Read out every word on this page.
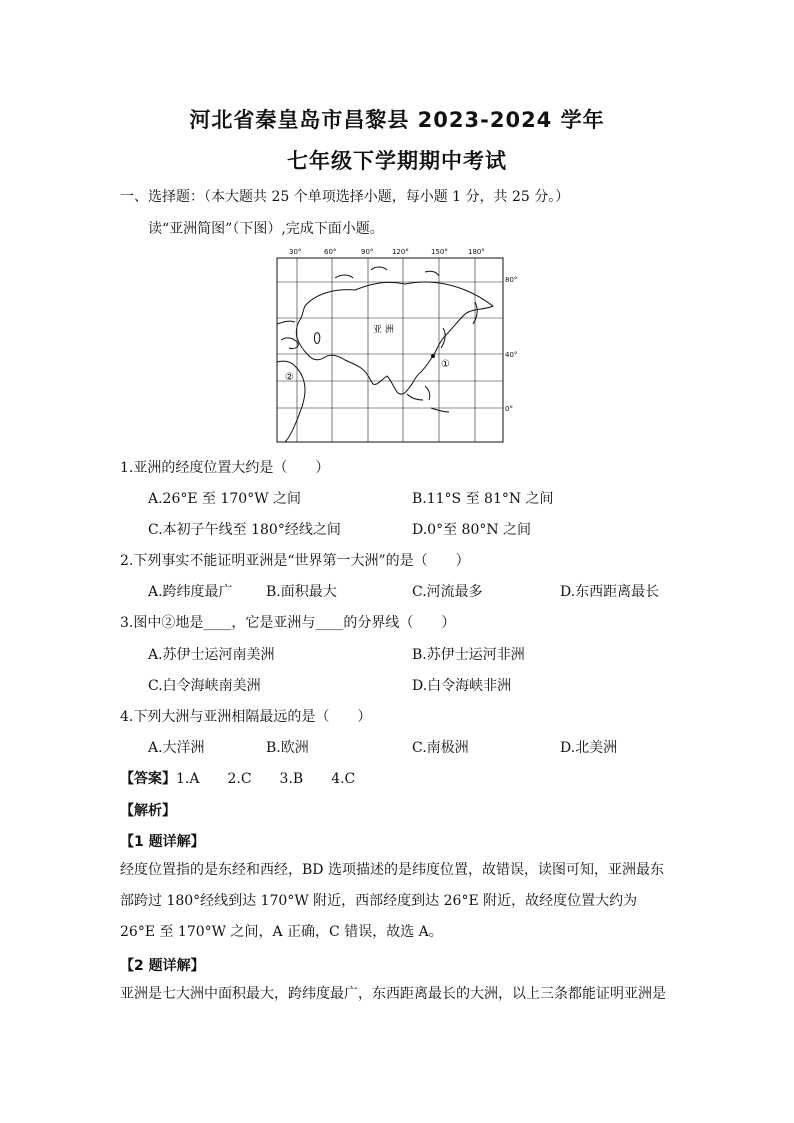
河北省秦皇岛市昌黎县 2023-2024 学年
七年级下学期期中考试
一、选择题：（本大题共 25 个单项选择小题，每小题 1 分，共 25 分。）
读“亚洲简图”（下图）,完成下面小题。
30°	60°	90°	120°	150°	180°
80°
40°
0°
亚 洲
①
②
1.亚洲的经度位置大约是（　　）
A.26°E 至 170°W 之间	B.11°S 至 81°N 之间
C.本初子午线至 180°经线之间	D.0°至 80°N 之间
2.下列事实不能证明亚洲是“世界第一大洲”的是（　　）
A.跨纬度最广 B.面积最大	C.河流最多	D.东西距离最长
3.图中②地是____，它是亚洲与____的分界线（　　）
A.苏伊士运河南美洲	B.苏伊士运河非洲
C.白令海峡南美洲	D.白令海峡非洲
4.下列大洲与亚洲相隔最远的是（　　）
A.大洋洲	B.欧洲	C.南极洲	D.北美洲
【答案】1.A 2.C 3.B 4.C
【解析】
【1 题详解】
经度位置指的是东经和西经，BD 选项描述的是纬度位置，故错误，读图可知，亚洲最东部跨过 180°经线到达 170°W 附近，西部经度到达 26°E 附近，故经度位置大约为 26°E 至 170°W 之间，A 正确，C 错误，故选 A。
【2 题详解】
亚洲是七大洲中面积最大，跨纬度最广，东西距离最长的大洲，以上三条都能证明亚洲是
